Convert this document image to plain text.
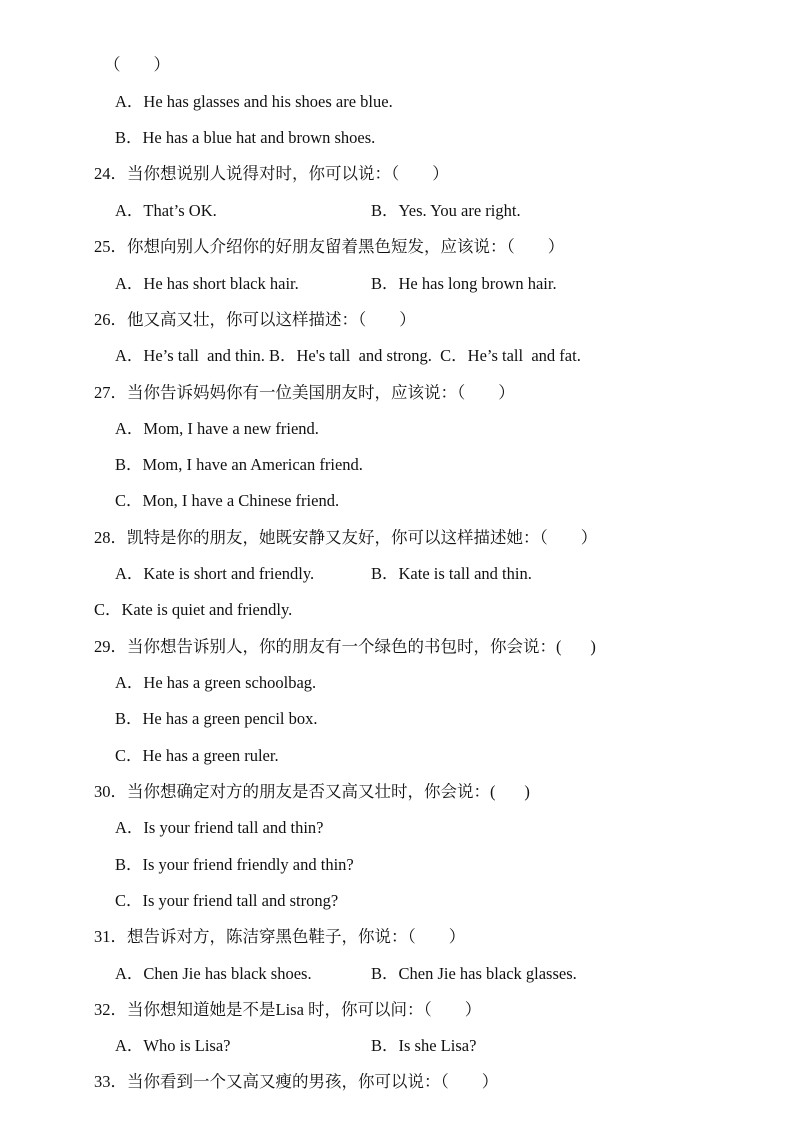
（        ）
A．He has glasses and his shoes are blue.
B．He has a blue hat and brown shoes.
24．当你想说别人说得对时，你可以说：（        ）
A．That’s OK.	B．Yes. You are right.
25．你想向别人介绍你的好朋友留着黑色短发，应该说：（        ）
A．He has short black hair.	B．He has long brown hair.
26．他又高又壮，你可以这样描述：（        ）
A．He’s tall  and thin. B．He's tall  and strong.  C．He’s tall  and fat.
27．当你告诉妈妈你有一位美国朋友时，应该说：（        ）
A．Mom, I have a new friend.
B．Mom, I have an American friend.
C．Mon, I have a Chinese friend.
28．凯特是你的朋友，她既安静又友好，你可以这样描述她：（        ）
A．Kate is short and friendly.	B．Kate is tall and thin.
C．Kate is quiet and friendly.
29．当你想告诉别人，你的朋友有一个绿色的书包时，你会说：(       )
A．He has a green schoolbag.
B．He has a green pencil box.
C．He has a green ruler.
30．当你想确定对方的朋友是否又高又壮时，你会说：(       )
A．Is your friend tall and thin?
B．Is your friend friendly and thin?
C．Is your friend tall and strong?
31．想告诉对方，陈洁穿黑色鞋子，你说：（        ）
A．Chen Jie has black shoes.	B．Chen Jie has black glasses.
32．当你想知道她是不是Lisa 时，你可以问：（        ）
A．Who is Lisa?	B．Is she Lisa?
33．当你看到一个又高又瘦的男孩，你可以说：（        ）
